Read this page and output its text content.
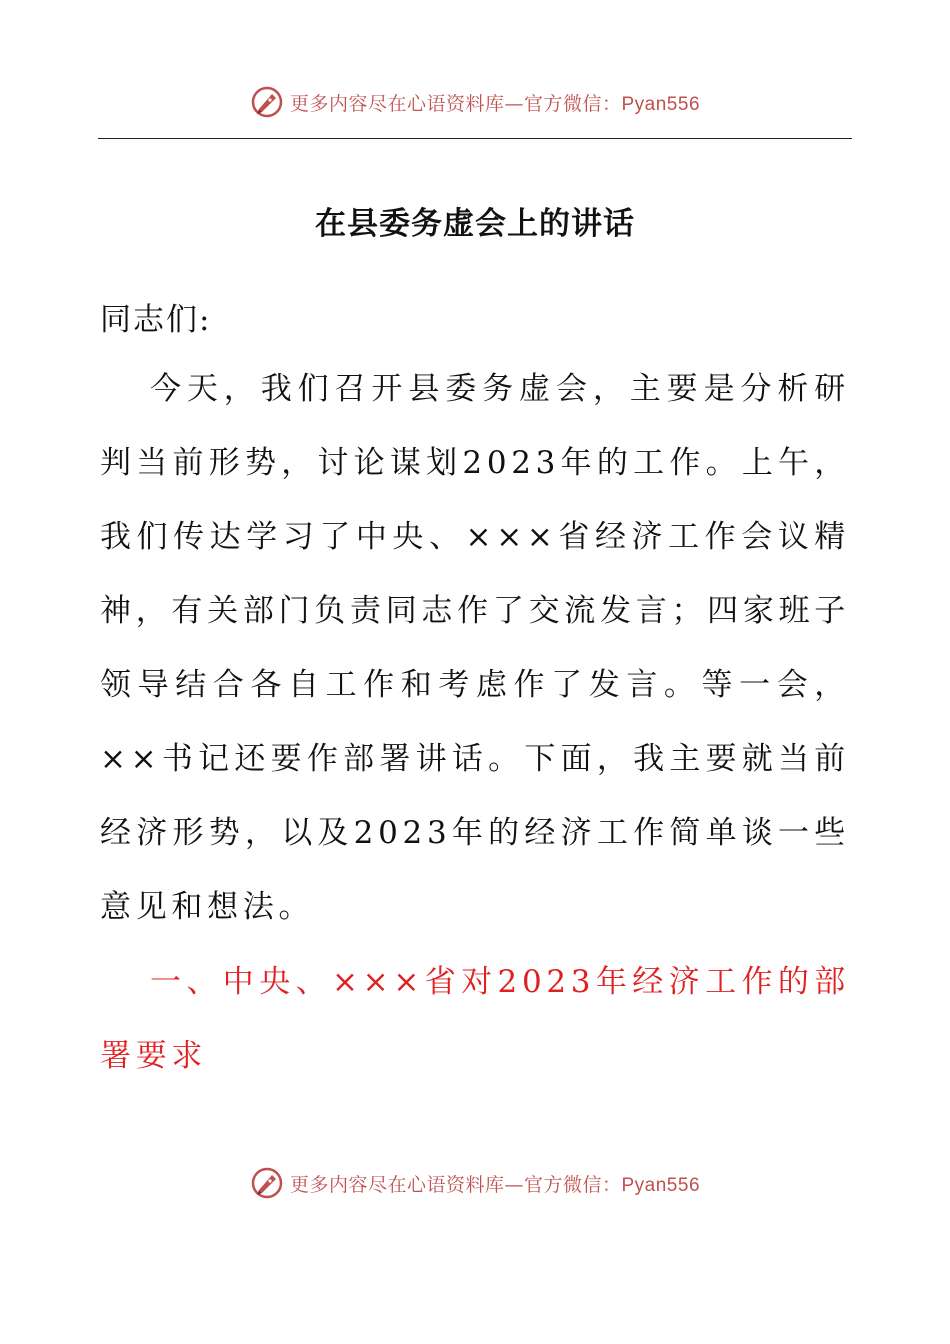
更多内容尽在心语资料库—官方微信：Pyan556
在县委务虚会上的讲话

同志们:

今天，我们召开县委务虚会，主要是分析研判当前形势，讨论谋划2023年的工作。上午，我们传达学习了中央、×××省经济工作会议精神，有关部门负责同志作了交流发言；四家班子领导结合各自工作和考虑作了发言。等一会，××书记还要作部署讲话。下面，我主要就当前经济形势，以及2023年的经济工作简单谈一些意见和想法。

一、中央、×××省对2023年经济工作的部署要求

更多内容尽在心语资料库—官方微信：Pyan556
